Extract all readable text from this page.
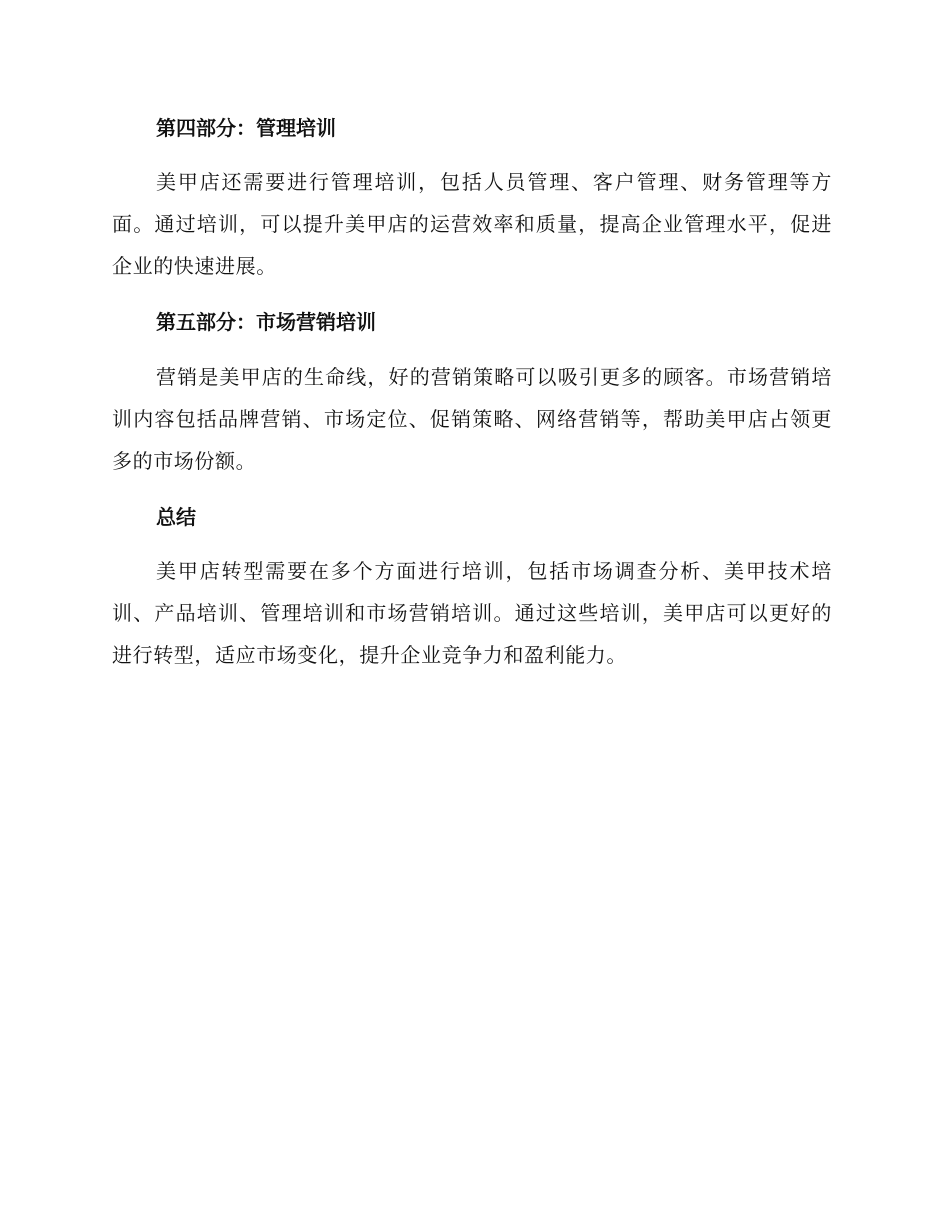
第四部分：管理培训
美甲店还需要进行管理培训，包括人员管理、客户管理、财务管理等方面。通过培训，可以提升美甲店的运营效率和质量，提高企业管理水平，促进企业的快速进展。
第五部分：市场营销培训
营销是美甲店的生命线，好的营销策略可以吸引更多的顾客。市场营销培训内容包括品牌营销、市场定位、促销策略、网络营销等，帮助美甲店占领更多的市场份额。
总结
美甲店转型需要在多个方面进行培训，包括市场调查分析、美甲技术培训、产品培训、管理培训和市场营销培训。通过这些培训，美甲店可以更好的进行转型，适应市场变化，提升企业竞争力和盈利能力。
